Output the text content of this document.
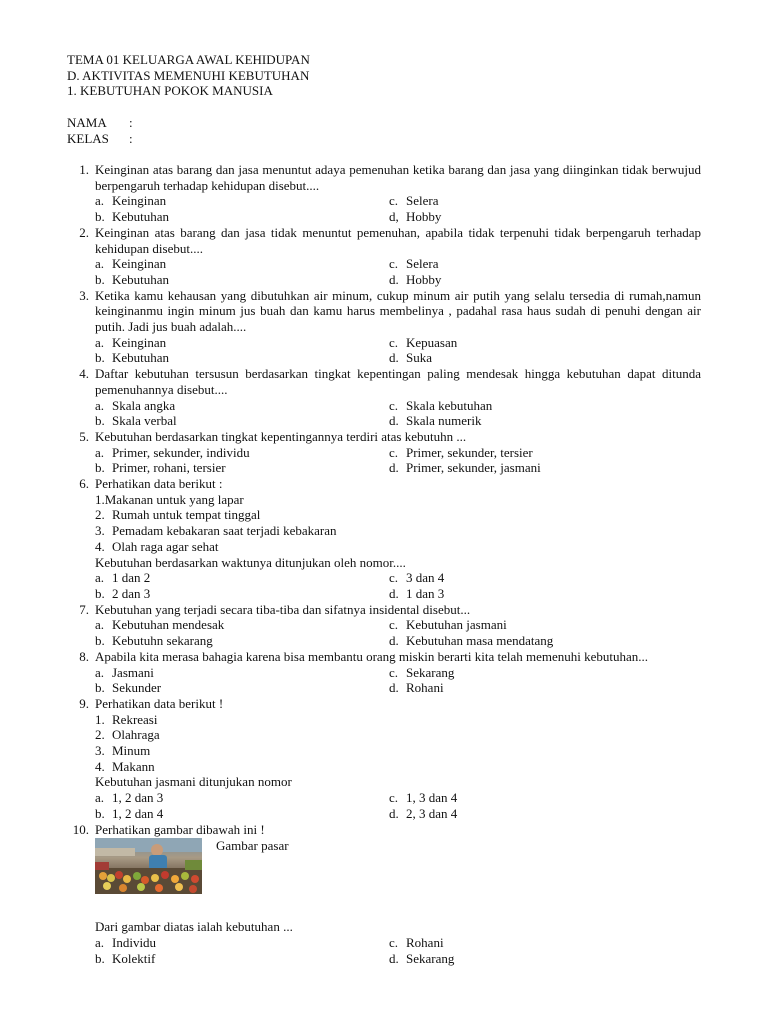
TEMA 01 KELUARGA AWAL KEHIDUPAN
D. AKTIVITAS MEMENUHI KEBUTUHAN
1. KEBUTUHAN POKOK MANUSIA
NAMA :
KELAS :
1. Keinginan atas barang dan jasa menuntut adaya pemenuhan ketika barang dan jasa yang diinginkan tidak berwujud berpengaruh terhadap kehidupan disebut....
a. Keinginan	c. Selera
b. Kebutuhan	d, Hobby
2. Keinginan atas barang dan jasa tidak menuntut pemenuhan, apabila tidak terpenuhi tidak berpengaruh terhadap kehidupan disebut....
a. Keinginan	c. Selera
b. Kebutuhan	d. Hobby
3. Ketika kamu kehausan yang dibutuhkan air minum, cukup minum air putih yang selalu tersedia di rumah,namun keinginanmu ingin minum jus buah dan kamu harus membelinya , padahal rasa haus sudah di penuhi dengan air putih. Jadi jus buah adalah....
a. Keinginan	c. Kepuasan
b. Kebutuhan	d. Suka
4. Daftar kebutuhan tersusun berdasarkan tingkat kepentingan paling mendesak hingga kebutuhan dapat ditunda pemenuhannya disebut....
a. Skala angka	c. Skala kebutuhan
b. Skala verbal	d. Skala numerik
5. Kebutuhan berdasarkan tingkat kepentingannya terdiri atas kebutuhn ...
a. Primer, sekunder, individu	c. Primer, sekunder, tersier
b. Primer, rohani, tersier	d. Primer, sekunder, jasmani
6. Perhatikan data berikut :
1.Makanan untuk yang lapar
2. Rumah untuk tempat tinggal
3. Pemadam kebakaran saat terjadi kebakaran
4. Olah raga agar sehat
Kebutuhan berdasarkan waktunya ditunjukan oleh nomor....
a. 1 dan 2	c. 3 dan 4
b. 2 dan 3	d. 1 dan 3
7. Kebutuhan yang terjadi secara tiba-tiba dan sifatnya insidental disebut...
a. Kebutuhan mendesak	c. Kebutuhan jasmani
b. Kebutuhn sekarang	d. Kebutuhan masa mendatang
8. Apabila kita merasa bahagia karena bisa membantu orang miskin berarti kita telah memenuhi kebutuhan...
a. Jasmani	c. Sekarang
b. Sekunder	d. Rohani
9. Perhatikan data berikut !
1. Rekreasi
2. Olahraga
3. Minum
4. Makann
Kebutuhan jasmani ditunjukan nomor
a. 1, 2 dan 3	c. 1, 3 dan 4
b. 1, 2 dan 4	d. 2, 3 dan 4
10. Perhatikan gambar dibawah ini !
Gambar pasar
Dari gambar diatas ialah kebutuhan ...
a. Individu	c. Rohani
b. Kolektif	d. Sekarang
